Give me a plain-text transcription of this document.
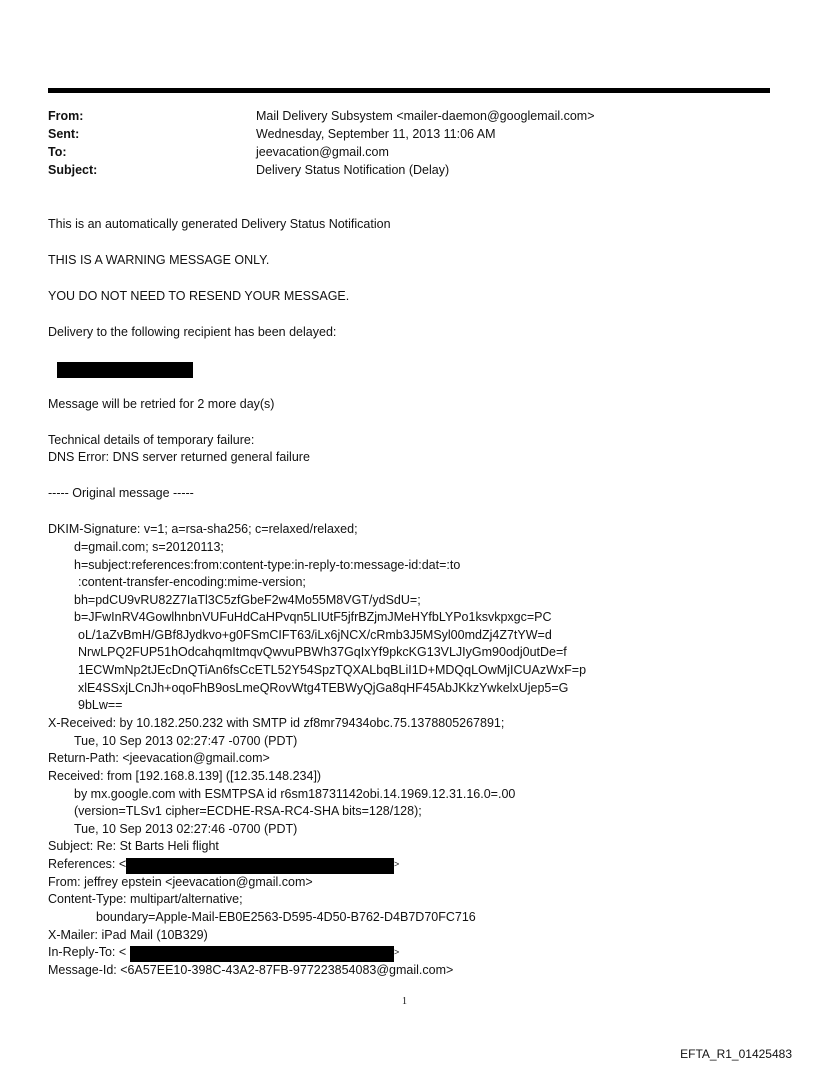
From:	Mail Delivery Subsystem <mailer-daemon@googlemail.com>
Sent:	Wednesday, September 11, 2013 11:06 AM
To:	jeevacation@gmail.com
Subject:	Delivery Status Notification (Delay)
This is an automatically generated Delivery Status Notification
THIS IS A WARNING MESSAGE ONLY.
YOU DO NOT NEED TO RESEND YOUR MESSAGE.
Delivery to the following recipient has been delayed:
Message will be retried for 2 more day(s)
Technical details of temporary failure:
DNS Error: DNS server returned general failure
----- Original message -----
DKIM-Signature: v=1; a=rsa-sha256; c=relaxed/relaxed;
d=gmail.com; s=20120113;
h=subject:references:from:content-type:in-reply-to:message-id:dat=:to
:content-transfer-encoding:mime-version;
bh=pdCU9vRU82Z7IaTl3C5zfGbeF2w4Mo55M8VGT/ydSdU=;
b=JFwInRV4GowlhnbnVUFuHdCaHPvqn5LIUtF5jfrBZjmJMeHYfbLYPo1ksvkpxgc=PC
oL/1aZvBmH/GBf8Jydkvo+g0FSmCIFT63/iLx6jNCX/cRmb3J5MSyl00mdZj4Z7tYW=d
NrwLPQ2FUP51hOdcahqmItmqvQwvuPBWh37GqIxYf9pkcKG13VLJIyGm90odj0utDe=f
1ECWmNp2tJEcDnQTiAn6fsCcETL52Y54SpzTQXALbqBLiI1D+MDQqLOwMjICUAzWxF=p
xlE4SSxjLCnJh+oqoFhB9osLmeQRovWtg4TEBWyQjGa8qHF45AbJKkzYwkelxUjep5=G
9bLw==
X-Received: by 10.182.250.232 with SMTP id zf8mr79434obc.75.1378805267891;
Tue, 10 Sep 2013 02:27:47 -0700 (PDT)
Return-Path: <jeevacation@gmail.com>
Received: from [192.168.8.139] ([12.35.148.234])
by mx.google.com with ESMTPSA id r6sm18731142obi.14.1969.12.31.16.0=.00
(version=TLSv1 cipher=ECDHE-RSA-RC4-SHA bits=128/128);
Tue, 10 Sep 2013 02:27:46 -0700 (PDT)
Subject: Re: St Barts Heli flight
References: <	>
From: jeffrey epstein <jeevacation@gmail.com>
Content-Type: multipart/alternative;
boundary=Apple-Mail-EB0E2563-D595-4D50-B762-D4B7D70FC716
X-Mailer: iPad Mail (10B329)
In-Reply-To: <	>
Message-Id: <6A57EE10-398C-43A2-87FB-977223854083@gmail.com>
1
EFTA_R1_01425483
